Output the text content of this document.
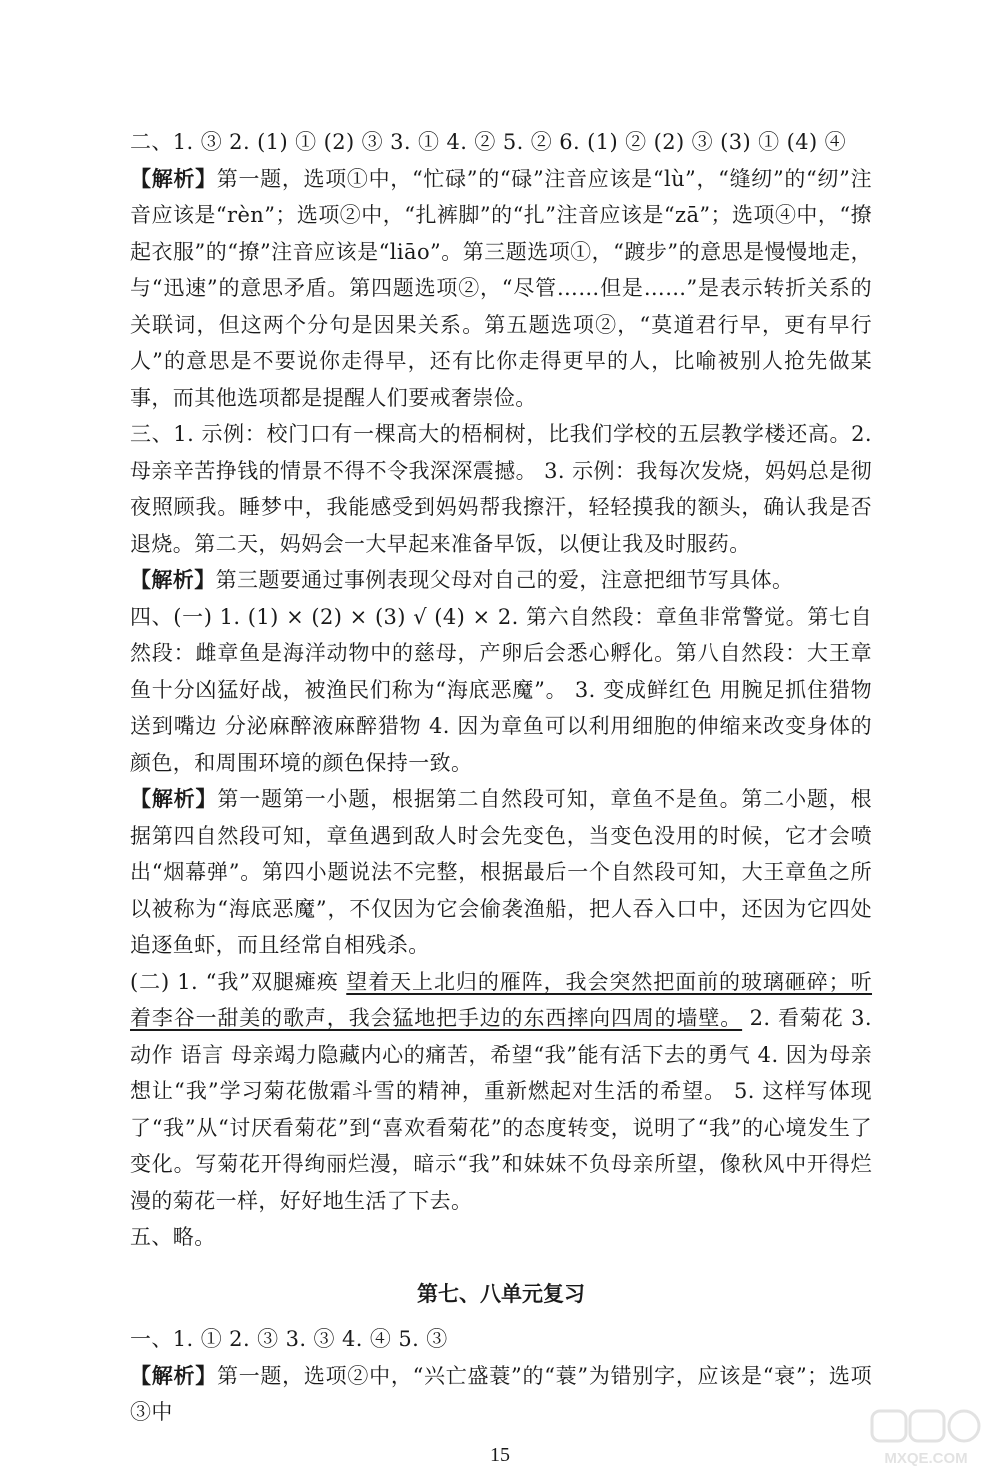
二、1. ③ 2. (1) ① (2) ③ 3. ① 4. ② 5. ② 6. (1) ② (2) ③ (3) ① (4) ④

【解析】第一题，选项①中，“忙碌”的“碌”注音应该是“lù”，“缝纫”的“纫”注音应该是“rèn”；选项②中，“扎裤脚”的“扎”注音应该是“zā”；选项④中，“撩起衣服”的“撩”注音应该是“liāo”。第三题选项①，“踱步”的意思是慢慢地走，与“迅速”的意思矛盾。第四题选项②，“尽管……但是……”是表示转折关系的关联词，但这两个分句是因果关系。第五题选项②，“莫道君行早，更有早行人”的意思是不要说你走得早，还有比你走得更早的人，比喻被别人抢先做某事，而其他选项都是提醒人们要戒奢崇俭。

三、1. 示例：校门口有一棵高大的梧桐树，比我们学校的五层教学楼还高。2. 母亲辛苦挣钱的情景不得不令我深深震撼。 3. 示例：我每次发烧，妈妈总是彻夜照顾我。睡梦中，我能感受到妈妈帮我擦汗，轻轻摸我的额头，确认我是否退烧。第二天，妈妈会一大早起来准备早饭，以便让我及时服药。

【解析】第三题要通过事例表现父母对自己的爱，注意把细节写具体。

四、(一) 1. (1) × (2) × (3) √ (4) × 2. 第六自然段：章鱼非常警觉。第七自然段：雌章鱼是海洋动物中的慈母，产卵后会悉心孵化。第八自然段：大王章鱼十分凶猛好战，被渔民们称为“海底恶魔”。 3. 变成鲜红色 用腕足抓住猎物送到嘴边 分泌麻醉液麻醉猎物 4. 因为章鱼可以利用细胞的伸缩来改变身体的颜色，和周围环境的颜色保持一致。

【解析】第一题第一小题，根据第二自然段可知，章鱼不是鱼。第二小题，根据第四自然段可知，章鱼遇到敌人时会先变色，当变色没用的时候，它才会喷出“烟幕弹”。第四小题说法不完整，根据最后一个自然段可知，大王章鱼之所以被称为“海底恶魔”，不仅因为它会偷袭渔船，把人吞入口中，还因为它四处追逐鱼虾，而且经常自相残杀。

(二) 1. “我”双腿瘫痪 望着天上北归的雁阵，我会突然把面前的玻璃砸碎；听着李谷一甜美的歌声，我会猛地把手边的东西摔向四周的墙壁。 2. 看菊花 3. 动作 语言 母亲竭力隐藏内心的痛苦，希望“我”能有活下去的勇气 4. 因为母亲想让“我”学习菊花傲霜斗雪的精神，重新燃起对生活的希望。 5. 这样写体现了“我”从“讨厌看菊花”到“喜欢看菊花”的态度转变，说明了“我”的心境发生了变化。写菊花开得绚丽烂漫，暗示“我”和妹妹不负母亲所望，像秋风中开得烂漫的菊花一样，好好地生活了下去。

五、略。

第七、八单元复习

一、1. ① 2. ③ 3. ③ 4. ④ 5. ③

【解析】第一题，选项②中，“兴亡盛蓑”的“蓑”为错别字，应该是“衰”；选项③中

15	MXQE.COM
